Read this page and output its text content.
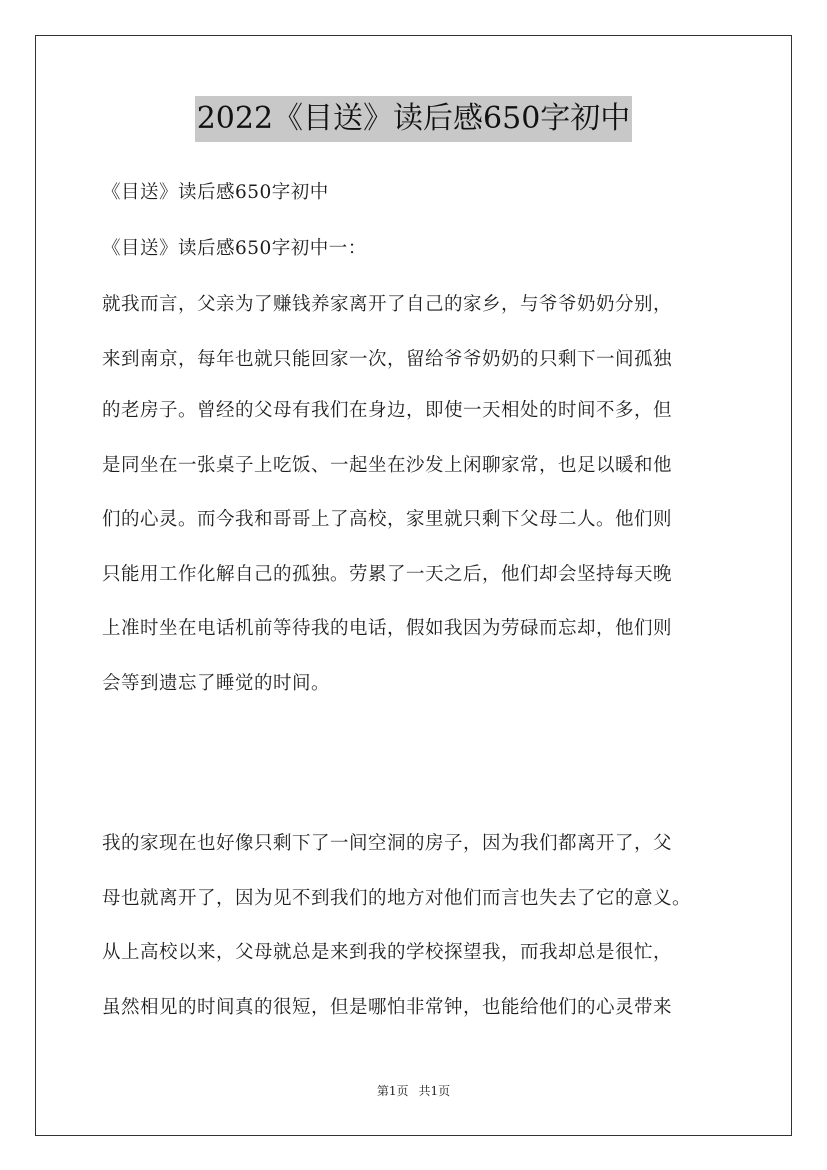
2022《目送》读后感650字初中

《目送》读后感650字初中

《目送》读后感650字初中一：

就我而言，父亲为了赚钱养家离开了自己的家乡，与爷爷奶奶分别，

来到南京，每年也就只能回家一次，留给爷爷奶奶的只剩下一间孤独

的老房子。曾经的父母有我们在身边，即使一天相处的时间不多，但

是同坐在一张桌子上吃饭、一起坐在沙发上闲聊家常，也足以暖和他

们的心灵。而今我和哥哥上了高校，家里就只剩下父母二人。他们则

只能用工作化解自己的孤独。劳累了一天之后，他们却会坚持每天晚

上准时坐在电话机前等待我的电话，假如我因为劳碌而忘却，他们则

会等到遗忘了睡觉的时间。

我的家现在也好像只剩下了一间空洞的房子，因为我们都离开了，父

母也就离开了，因为见不到我们的地方对他们而言也失去了它的意义。

从上高校以来，父母就总是来到我的学校探望我，而我却总是很忙，

虽然相见的时间真的很短，但是哪怕非常钟，也能给他们的心灵带来

第1页 共1页
